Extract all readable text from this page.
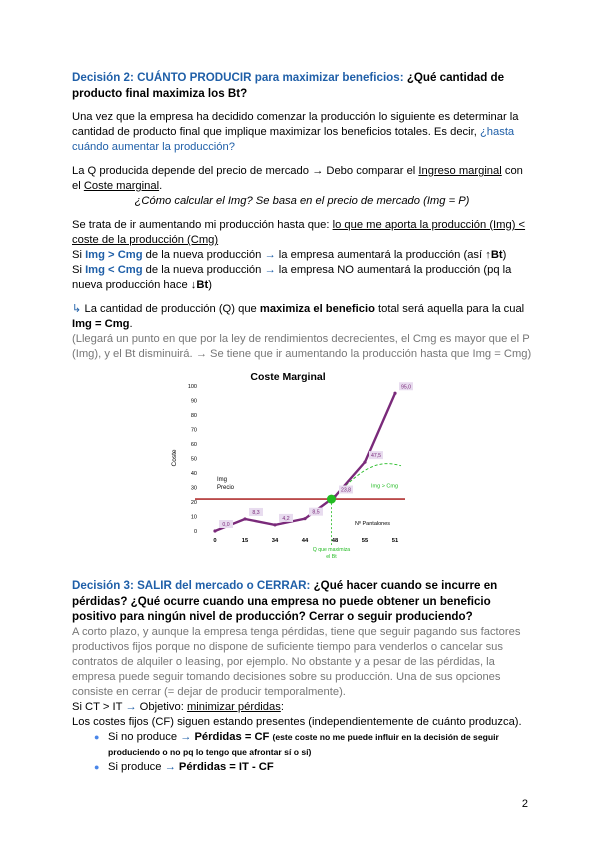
Decisión 2: CUÁNTO PRODUCIR para maximizar beneficios: ¿Qué cantidad de producto final maximiza los Bt?

Una vez que la empresa ha decidido comenzar la producción lo siguiente es determinar la cantidad de producto final que implique maximizar los beneficios totales. Es decir, ¿hasta cuándo aumentar la producción?

La Q producida depende del precio de mercado → Debo comparar el Ingreso marginal con el Coste marginal.

¿Cómo calcular el Img? Se basa en el precio de mercado (Img = P)

Se trata de ir aumentando mi producción hasta que: lo que me aporta la producción (Img) < coste de la producción (Cmg)

Si Img > Cmg de la nueva producción → la empresa aumentará la producción (así ↑Bt)

Si Img < Cmg de la nueva producción → la empresa NO aumentará la producción (pq la nueva producción hace ↓Bt)

↳ La cantidad de producción (Q) que maximiza el beneficio total será aquella para la cual Img = Cmg.

(Llegará un punto en que por la ley de rendimientos decrecientes, el Cmg es mayor que el P (Img), y el Bt disminuirá. → Se tiene que ir aumentando la producción hasta que Img = Cmg)

Coste Marginal
Coste
0
10
20
30
40
50
60
70
80
90
100
0	15	34	44	48	55	51
0,0
8,3
4,2
8,5
23,8
47,5
95,0
Img
Precio	Img > Cmg
Nº Pantalones
Q que maximiza
el Bt

Decisión 3: SALIR del mercado o CERRAR: ¿Qué hacer cuando se incurre en pérdidas? ¿Qué ocurre cuando una empresa no puede obtener un beneficio positivo para ningún nivel de producción? Cerrar o seguir produciendo?

A corto plazo, y aunque la empresa tenga pérdidas, tiene que seguir pagando sus factores productivos fijos porque no dispone de suficiente tiempo para venderlos o cancelar sus contratos de alquiler o leasing, por ejemplo. No obstante y a pesar de las pérdidas, la empresa puede seguir tomando decisiones sobre su producción. Una de sus opciones consiste en cerrar (= dejar de producir temporalmente).

Si CT > IT → Objetivo: minimizar pérdidas:

Los costes fijos (CF) siguen estando presentes (independientemente de cuánto produzca).

● Si no produce → Pérdidas = CF (este coste no me puede influir en la decisión de seguir produciendo o no pq lo tengo que afrontar sí o sí)
● Si produce → Pérdidas = IT - CF
2
